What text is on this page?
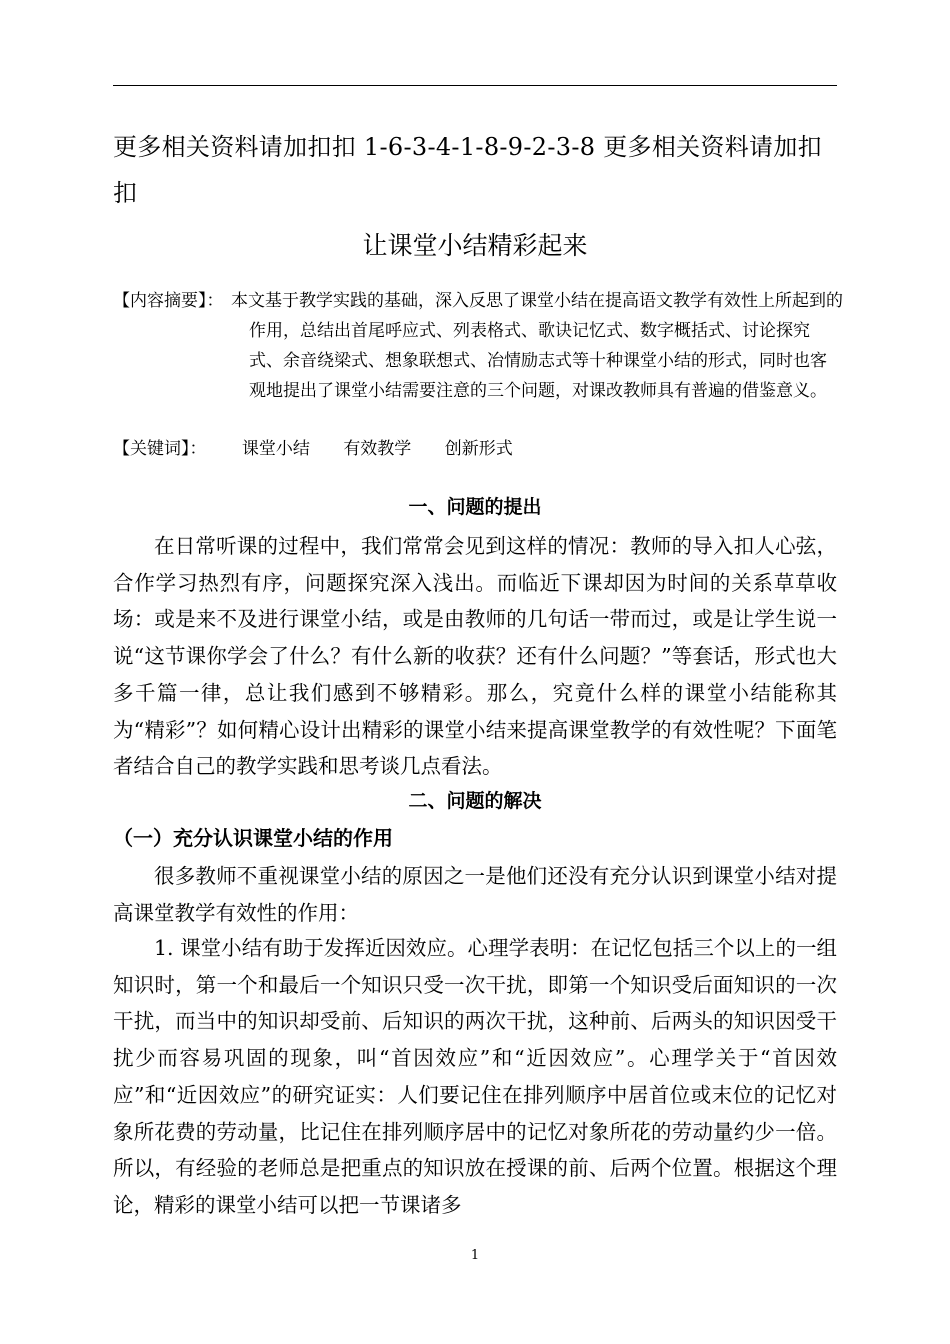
更多相关资料请加扣扣 1-6-3-4-1-8-9-2-3-8 更多相关资料请加扣扣
让课堂小结精彩起来
【内容摘要】： 本文基于教学实践的基础，深入反思了课堂小结在提高语文教学有效性上所起到的作用，总结出首尾呼应式、列表格式、歌诀记忆式、数字概括式、讨论探究式、余音绕梁式、想象联想式、冶情励志式等十种课堂小结的形式，同时也客观地提出了课堂小结需要注意的三个问题，对课改教师具有普遍的借鉴意义。
【关键词】： 课堂小结 有效教学 创新形式
一、问题的提出
在日常听课的过程中，我们常常会见到这样的情况：教师的导入扣人心弦，合作学习热烈有序，问题探究深入浅出。而临近下课却因为时间的关系草草收场：或是来不及进行课堂小结，或是由教师的几句话一带而过，或是让学生说一说“这节课你学会了什么？有什么新的收获？还有什么问题？”等套话，形式也大多千篇一律，总让我们感到不够精彩。那么，究竟什么样的课堂小结能称其为“精彩”？如何精心设计出精彩的课堂小结来提高课堂教学的有效性呢？下面笔者结合自己的教学实践和思考谈几点看法。
二、问题的解决
（一）充分认识课堂小结的作用
很多教师不重视课堂小结的原因之一是他们还没有充分认识到课堂小结对提高课堂教学有效性的作用：
1. 课堂小结有助于发挥近因效应。心理学表明：在记忆包括三个以上的一组知识时，第一个和最后一个知识只受一次干扰，即第一个知识受后面知识的一次干扰，而当中的知识却受前、后知识的两次干扰，这种前、后两头的知识因受干扰少而容易巩固的现象，叫“首因效应”和“近因效应”。心理学关于“首因效应”和“近因效应”的研究证实：人们要记住在排列顺序中居首位或末位的记忆对象所花费的劳动量，比记住在排列顺序居中的记忆对象所花的劳动量约少一倍。所以，有经验的老师总是把重点的知识放在授课的前、后两个位置。根据这个理论，精彩的课堂小结可以把一节课诸多
1
